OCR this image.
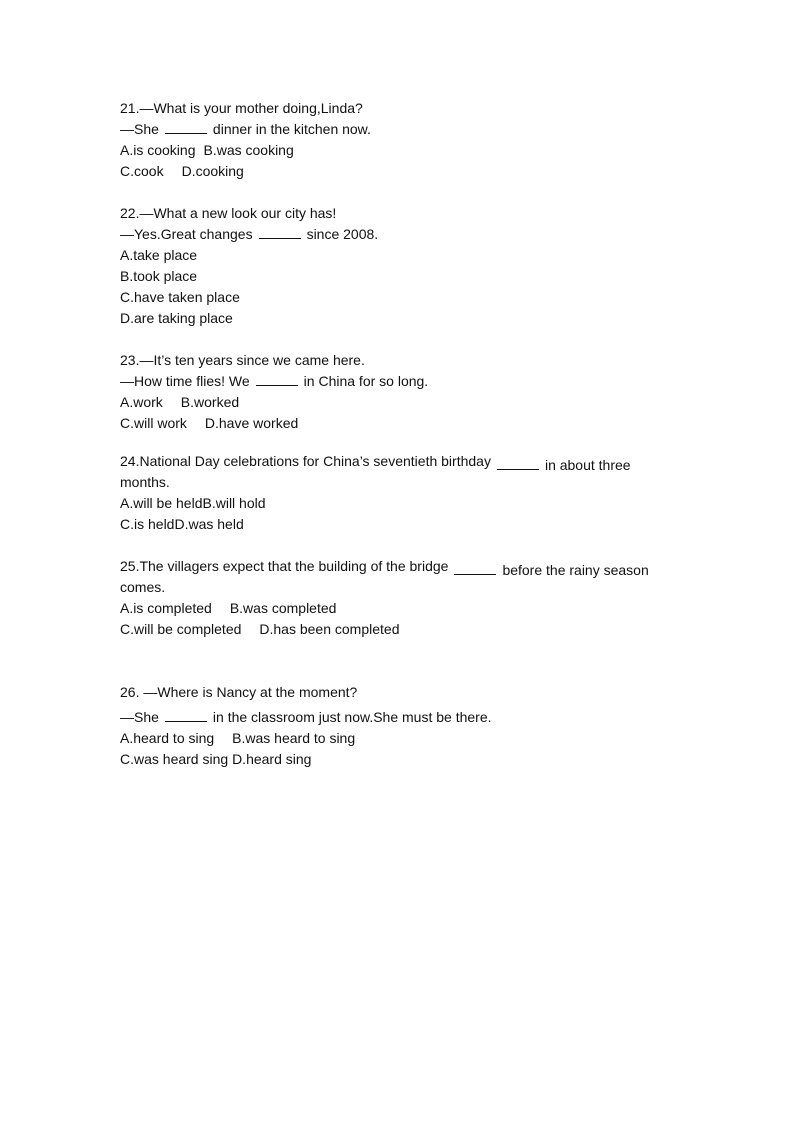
21.—What is your mother doing,Linda?
—She	dinner in the kitchen now.
A.is cooking B.was cooking
C.cook D.cooking
22.—What a new look our city has!
—Yes.Great changes	since 2008.
A.take place
B.took place
C.have taken place
D.are taking place
23.—It’s ten years since we came here.
—How time flies! We	in China for so long.
A.work B.worked
C.will work D.have worked
24.National Day celebrations for China’s seventieth birthday	in about three
months.
A.will be heldB.will hold
C.is heldD.was held
25.The villagers expect that the building of the bridge	before the rainy season
comes.
A.is completed B.was completed
C.will be completed D.has been completed
26. —Where is Nancy at the moment?
—She	in the classroom just now.She must be there.
A.heard to sing B.was heard to sing
C.was heard sing D.heard sing
